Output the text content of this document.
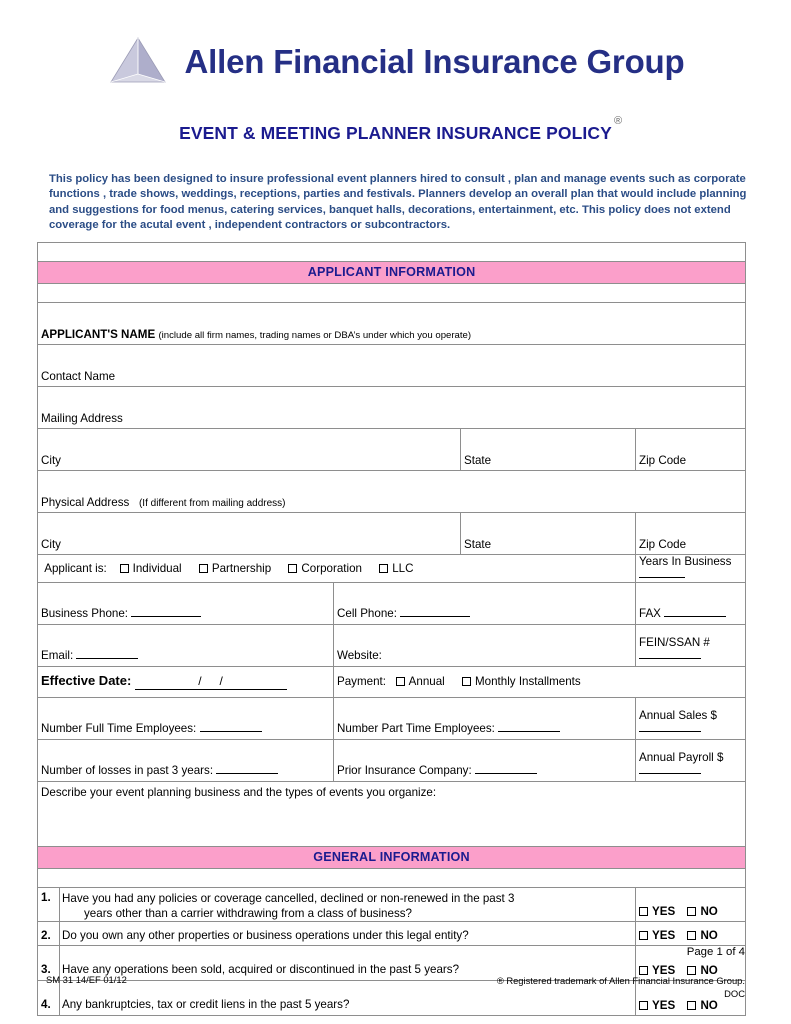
Allen Financial Insurance Group
®
EVENT & MEETING PLANNER INSURANCE POLICY
This policy has been designed to insure professional event planners hired to consult , plan and manage events such as corporate functions , trade shows, weddings, receptions, parties and festivals. Planners develop an overall plan that would include planning and suggestions for food menus, catering services, banquet halls, decorations, entertainment, etc. This policy does not extend coverage for the acutal event , independent contractors or subcontractors.

APPLICANT INFORMATION				

APPLICANT'S NAME (include all firm names, trading names or DBA’s under which you operate)				
Contact Name				
Mailing Address				
City			State	Zip Code
Physical Address (If different from mailing address)				
City			State	Zip Code
Applicant is: Individual Partnership Corporation LLC				Years In Business
Business Phone:		Cell Phone:		FAX
Email:		Website:		FEIN/SSAN #
Effective Date: //		Payment: Annual Monthly Installments		
Number Full Time Employees:		Number Part Time Employees:		Annual Sales $
Number of losses in past 3 years:		Prior Insurance Company:		Annual Payroll $
Describe your event planning business and the types of events you organize:				
GENERAL INFORMATION				

1.	Have you had any policies or coverage cancelled, declined or non-renewed in the past 3
years other than a carrier withdrawing from a class of business?			YES NO
2.	Do you own any other properties or business operations under this legal entity?			YES NO
3.	Have any operations been sold, acquired or discontinued in the past 5 years?			YES NO
4.	Any bankruptcies, tax or credit liens in the past 5 years?			YES NO
Page 1 of 4
SM 31 14/EF 01/12	® Registered trademark of Allen Financial Insurance Group.
DOC
